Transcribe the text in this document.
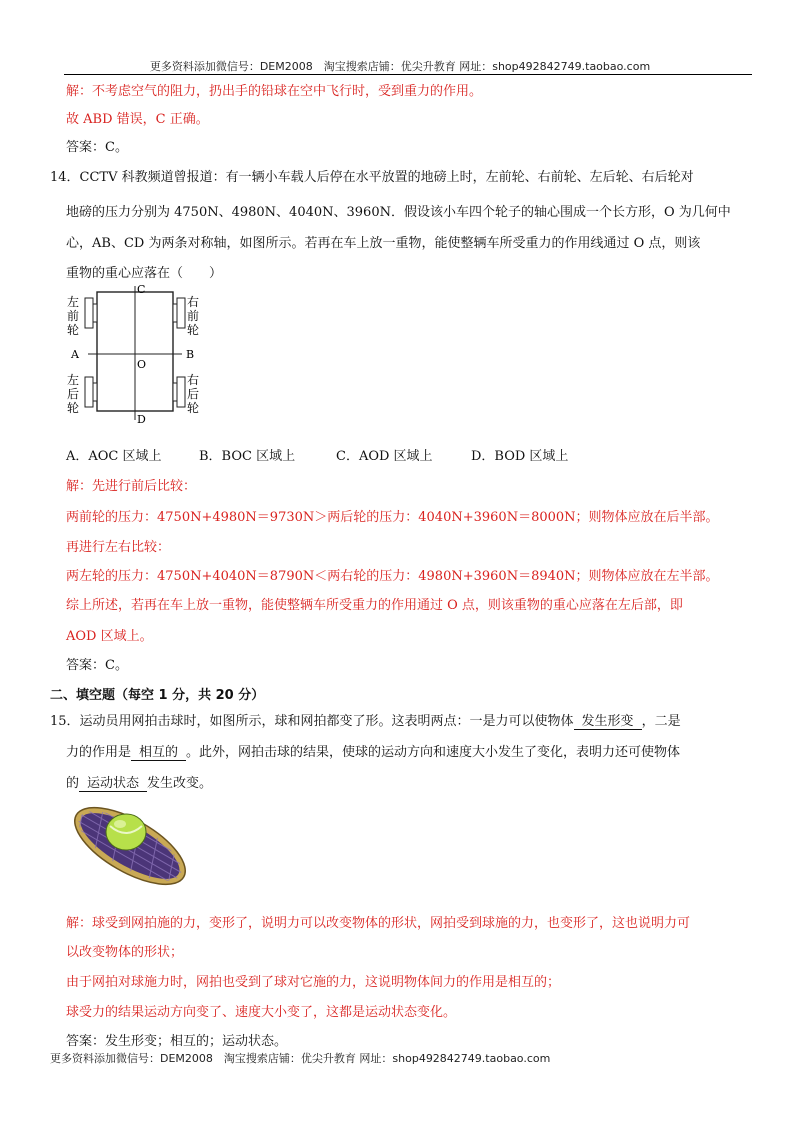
更多资料添加微信号：DEM2008　淘宝搜索店铺：优尖升教育 网址：shop492842749.taobao.com
解：不考虑空气的阻力，扔出手的铅球在空中飞行时，受到重力的作用。
故 ABD 错误，C 正确。
答案：C。
14．CCTV 科教频道曾报道：有一辆小车载人后停在水平放置的地磅上时，左前轮、右前轮、左后轮、右后轮对
地磅的压力分别为 4750N、4980N、4040N、3960N．假设该小车四个轮子的轴心围成一个长方形，O 为几何中
心，AB、CD 为两条对称轴，如图所示。若再在车上放一重物，能使整辆车所受重力的作用线通过 O 点，则该
重物的重心应落在（　　）
C
D
A	B
O
左
前
轮
右
前
轮
左
后
轮
右
后
轮
A．AOC 区域上	B．BOC 区域上	C．AOD 区域上	D．BOD 区域上
解：先进行前后比较：
两前轮的压力：4750N+4980N＝9730N＞两后轮的压力：4040N+3960N＝8000N；则物体应放在后半部。
再进行左右比较：
两左轮的压力：4750N+4040N＝8790N＜两右轮的压力：4980N+3960N＝8940N；则物体应放在左半部。
综上所述，若再在车上放一重物，能使整辆车所受重力的作用通过 O 点，则该重物的重心应落在左后部，即
AOD 区域上。
答案：C。
二、填空题（每空 1 分，共 20 分）
15．运动员用网拍击球时，如图所示，球和网拍都变了形。这表明两点：一是力可以使物体 发生形变 ，二是
力的作用是 相互的 。此外，网拍击球的结果，使球的运动方向和速度大小发生了变化，表明力还可使物体
的 运动状态 发生改变。
解：球受到网拍施的力，变形了，说明力可以改变物体的形状，网拍受到球施的力，也变形了，这也说明力可
以改变物体的形状；
由于网拍对球施力时，网拍也受到了球对它施的力，这说明物体间力的作用是相互的；
球受力的结果运动方向变了、速度大小变了，这都是运动状态变化。
答案：发生形变；相互的；运动状态。
更多资料添加微信号：DEM2008　淘宝搜索店铺：优尖升教育 网址：shop492842749.taobao.com
